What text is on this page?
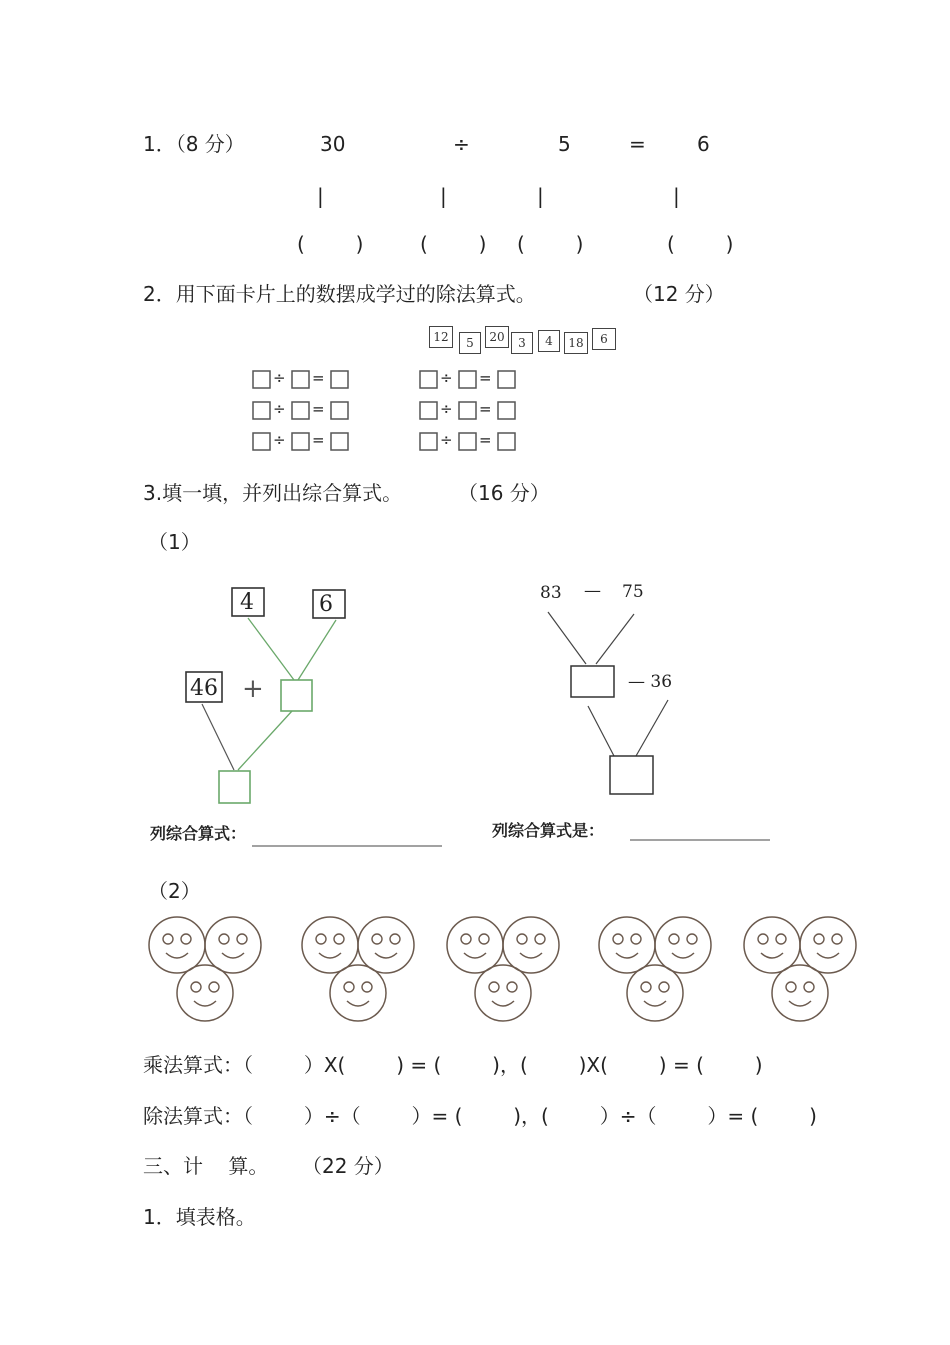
1．（8 分）	30	÷	5	=	6
|	|	|	|
(        )	(        ) (        )	(        )
2．用下面卡片上的数摆成学过的除法算式。	（12 分）
12	5	20	3	4	18	6
÷ =
÷ =
÷ =
÷ =
÷ =
÷ =
3.填一填，并列出综合算式。	（16 分）
（1）
4	6
46 +
列综合算式：
83 — 75
— 36
列综合算式是：
（2）
乘法算式：（        ）X(        ) = (        )，(        )X(        ) = (        )
除法算式：（        ）÷（        ）= (        )，(        ）÷（        ）= (        )
三、计    算。 （22 分）
1．填表格。
